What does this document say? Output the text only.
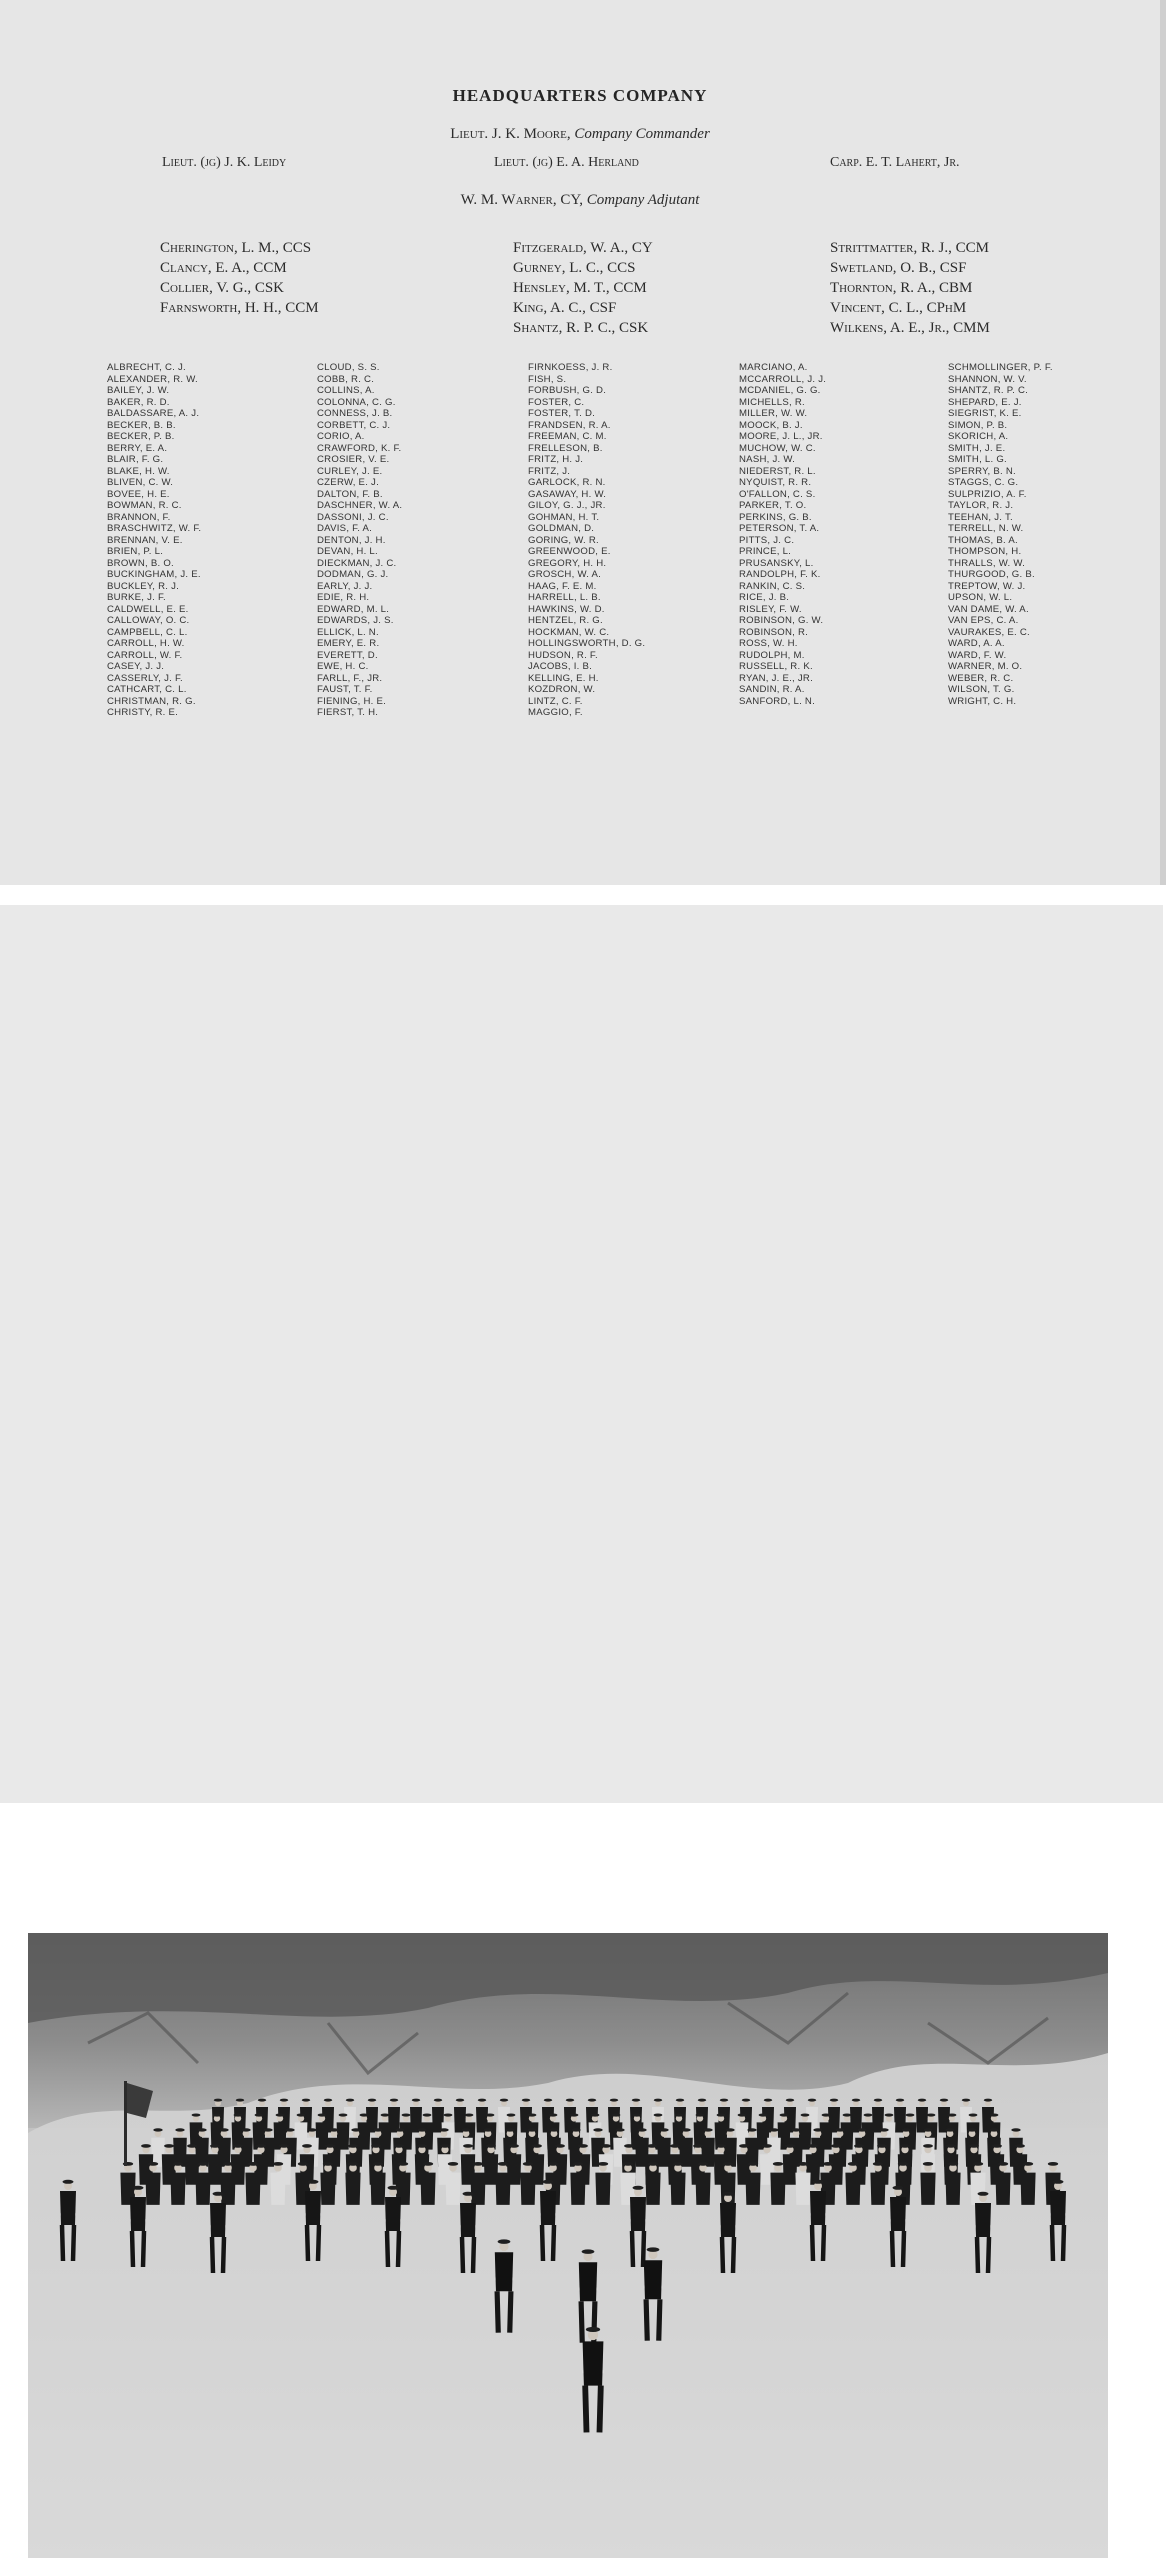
HEADQUARTERS COMPANY
Lieut. J. K. Moore, Company Commander
Lieut. (jg) J. K. Leidy	Lieut. (jg) E. A. Herland	Carp. E. T. Lahert, Jr.
W. M. Warner, CY, Company Adjutant
Cherington, L. M., CCS
Clancy, E. A., CCM
Collier, V. G., CSK
Farnsworth, H. H., CCM
Fitzgerald, W. A., CY
Gurney, L. C., CCS
Hensley, M. T., CCM
King, A. C., CSF
Shantz, R. P. C., CSK
Strittmatter, R. J., CCM
Swetland, O. B., CSF
Thornton, R. A., CBM
Vincent, C. L., CPhM
Wilkens, A. E., Jr., CMM
ALBRECHT, C. J.
ALEXANDER, R. W.
BAILEY, J. W.
BAKER, R. D.
BALDASSARE, A. J.
BECKER, B. B.
BECKER, P. B.
BERRY, E. A.
BLAIR, F. G.
BLAKE, H. W.
BLIVEN, C. W.
BOVEE, H. E.
BOWMAN, R. C.
BRANNON, F.
BRASCHWITZ, W. F.
BRENNAN, V. E.
BRIEN, P. L.
BROWN, B. O.
BUCKINGHAM, J. E.
BUCKLEY, R. J.
BURKE, J. F.
CALDWELL, E. E.
CALLOWAY, O. C.
CAMPBELL, C. L.
CARROLL, H. W.
CARROLL, W. F.
CASEY, J. J.
CASSERLY, J. F.
CATHCART, C. L.
CHRISTMAN, R. G.
CHRISTY, R. E.
CLOUD, S. S.
COBB, R. C.
COLLINS, A.
COLONNA, C. G.
CONNESS, J. B.
CORBETT, C. J.
CORIO, A.
CRAWFORD, K. F.
CROSIER, V. E.
CURLEY, J. E.
CZERW, E. J.
DALTON, F. B.
DASCHNER, W. A.
DASSONI, J. C.
DAVIS, F. A.
DENTON, J. H.
DEVAN, H. L.
DIECKMAN, J. C.
DODMAN, G. J.
EARLY, J. J.
EDIE, R. H.
EDWARD, M. L.
EDWARDS, J. S.
ELLICK, L. N.
EMERY, E. R.
EVERETT, D.
EWE, H. C.
FARLL, F., JR.
FAUST, T. F.
FIENING, H. E.
FIERST, T. H.
FIRNKOESS, J. R.
FISH, S.
FORBUSH, G. D.
FOSTER, C.
FOSTER, T. D.
FRANDSEN, R. A.
FREEMAN, C. M.
FRELLESON, B.
FRITZ, H. J.
FRITZ, J.
GARLOCK, R. N.
GASAWAY, H. W.
GILOY, G. J., JR.
GOHMAN, H. T.
GOLDMAN, D.
GORING, W. R.
GREENWOOD, E.
GREGORY, H. H.
GROSCH, W. A.
HAAG, F. E. M.
HARRELL, L. B.
HAWKINS, W. D.
HENTZEL, R. G.
HOCKMAN, W. C.
HOLLINGSWORTH, D. G.
HUDSON, R. F.
JACOBS, I. B.
KELLING, E. H.
KOZDRON, W.
LINTZ, C. F.
MAGGIO, F.
MARCIANO, A.
MCCARROLL, J. J.
MCDANIEL, G. G.
MICHELLS, R.
MILLER, W. W.
MOOCK, B. J.
MOORE, J. L., JR.
MUCHOW, W. C.
NASH, J. W.
NIEDERST, R. L.
NYQUIST, R. R.
O'FALLON, C. S.
PARKER, T. O.
PERKINS, G. B.
PETERSON, T. A.
PITTS, J. C.
PRINCE, L.
PRUSANSKY, L.
RANDOLPH, F. K.
RANKIN, C. S.
RICE, J. B.
RISLEY, F. W.
ROBINSON, G. W.
ROBINSON, R.
ROSS, W. H.
RUDOLPH, M.
RUSSELL, R. K.
RYAN, J. E., JR.
SANDIN, R. A.
SANFORD, L. N.
SCHMOLLINGER, P. F.
SHANNON, W. V.
SHANTZ, R. P. C.
SHEPARD, E. J.
SIEGRIST, K. E.
SIMON, P. B.
SKORICH, A.
SMITH, J. E.
SMITH, L. G.
SPERRY, B. N.
STAGGS, C. G.
SULPRIZIO, A. F.
TAYLOR, R. J.
TEEHAN, J. T.
TERRELL, N. W.
THOMAS, B. A.
THOMPSON, H.
THRALLS, W. W.
THURGOOD, G. B.
TREPTOW, W. J.
UPSON, W. L.
VAN DAME, W. A.
VAN EPS, C. A.
VAURAKES, E. C.
WARD, A. A.
WARD, F. W.
WARNER, M. O.
WEBER, R. C.
WILSON, T. G.
WRIGHT, C. H.
